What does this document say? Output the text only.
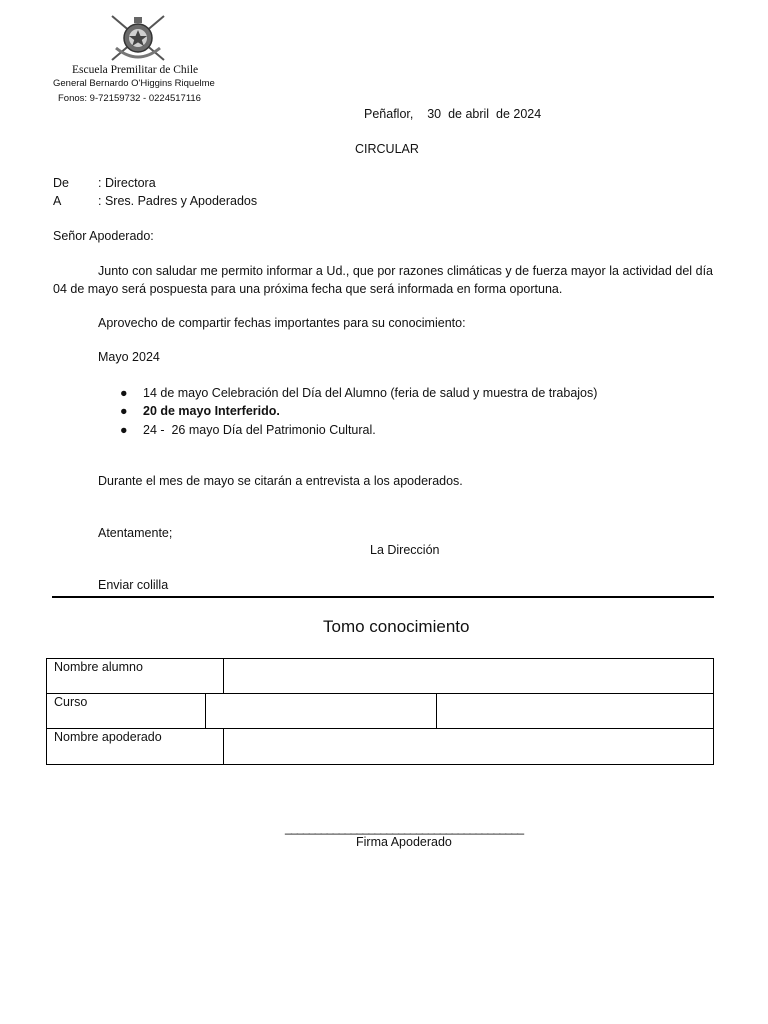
Escuela Premilitar de Chile
General Bernardo O'Higgins Riquelme
Fonos: 9-72159732 - 0224517116
Peñaflor,    30  de abril  de 2024
CIRCULAR
De : Directora
A	: Sres. Padres y Apoderados
Señor Apoderado:
Junto con saludar me permito informar a Ud., que por razones climáticas y de fuerza mayor la actividad del día 04 de mayo será pospuesta para una próxima fecha que será informada en forma oportuna.
Aprovecho de compartir fechas importantes para su conocimiento:
Mayo 2024
● 14 de mayo Celebración del Día del Alumno (feria de salud y muestra de trabajos)
● 20 de mayo Interferido.
● 24 -  26 mayo Día del Patrimonio Cultural.
Durante el mes de mayo se citarán a entrevista a los apoderados.
Atentamente;
La Dirección
Enviar colilla
Tomo conocimiento
Nombre alumno
Curso
Nombre apoderado
________________________________________
Firma Apoderado
